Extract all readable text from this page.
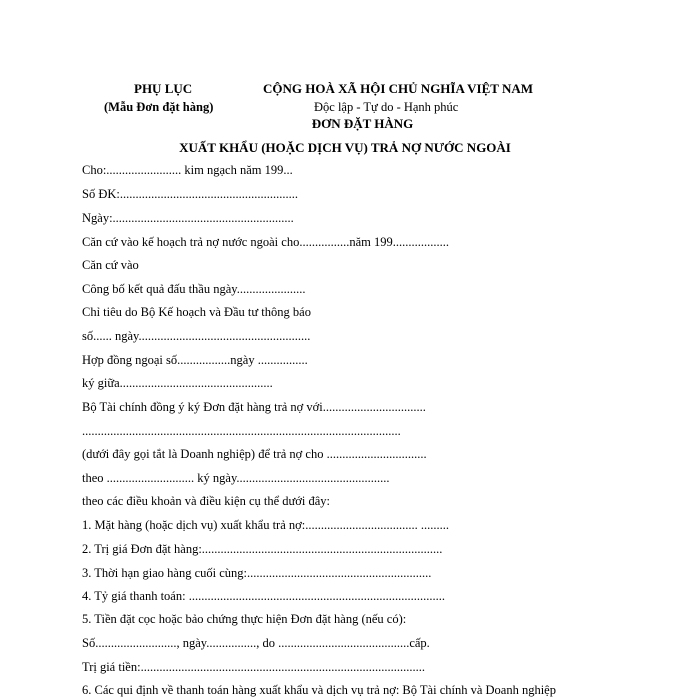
PHỤ LỤC
(Mẫu Đơn đặt hàng)
CỘNG HOÀ XÃ HỘI CHỦ NGHĨA VIỆT NAM
Độc lập - Tự do - Hạnh phúc
ĐƠN ĐẶT HÀNG
XUẤT KHẨU (HOẶC DỊCH VỤ) TRẢ NỢ NƯỚC NGOÀI
Cho:........................ kim ngạch năm 199...
Số ĐK:.........................................................
Ngày:..........................................................
Căn cứ vào kế hoạch trả nợ nước ngoài cho................năm 199..................
Căn cứ vào
Công bố kết quả đấu thầu ngày......................
Chỉ tiêu do Bộ Kế hoạch và Đầu tư thông báo
số...... ngày.......................................................
Hợp đồng ngoại số.................ngày ................
ký giữa.................................................
Bộ Tài chính đồng ý ký Đơn đặt hàng trả nợ với.................................
......................................................................................................
(dưới đây gọi tắt là Doanh nghiệp) để trả nợ cho ................................
theo ............................ ký ngày.................................................
theo các điều khoản và điều kiện cụ thể dưới đây:
1. Mặt hàng (hoặc dịch vụ) xuất khẩu trả nợ:.................................... .........
2. Trị giá Đơn đặt hàng:.............................................................................
3. Thời hạn giao hàng cuối cùng:...........................................................
4. Tỷ giá thanh toán: ..................................................................................
5. Tiền đặt cọc hoặc bảo chứng thực hiện Đơn đặt hàng (nếu có):
Số.........................., ngày................, do ..........................................cấp.
Trị giá tiền:...........................................................................................
6. Các qui định về thanh toán hàng xuất khẩu và dịch vụ trả nợ: Bộ Tài chính và Doanh nghiệp
